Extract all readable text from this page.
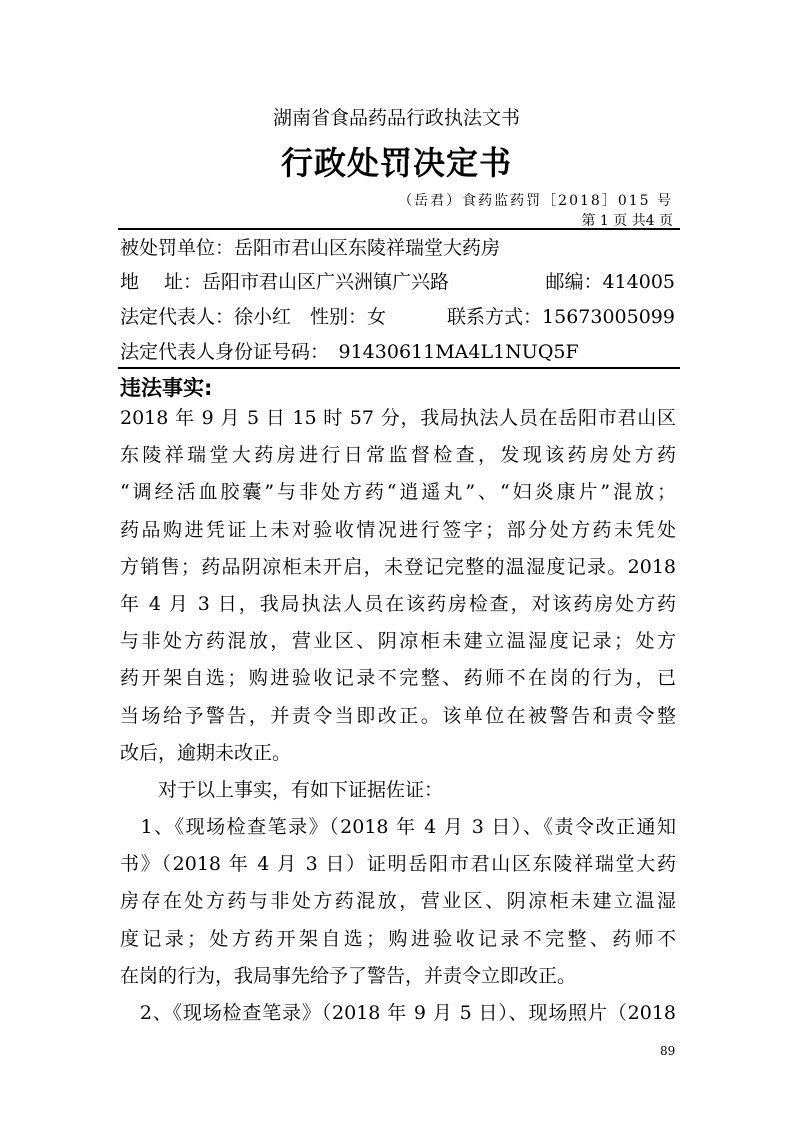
湖南省食品药品行政执法文书
行政处罚决定书
（岳君）食药监药罚［2018］015 号
第 1 页 共4 页
被处罚单位：岳阳市君山区东陵祥瑞堂大药房
地　 址：岳阳市君山区广兴洲镇广兴路	邮编：414005
法定代表人：徐小红　性别：女	联系方式：15673005099
法定代表人身份证号码：　91430611MA4L1NUQ5F
违法事实:
2018 年 9 月 5 日 15 时 57 分，我局执法人员在岳阳市君山区
东陵祥瑞堂大药房进行日常监督检查，发现该药房处方药
“调经活血胶囊”与非处方药“逍遥丸”、“妇炎康片”混放；
药品购进凭证上未对验收情况进行签字；部分处方药未凭处
方销售；药品阴凉柜未开启，未登记完整的温湿度记录。2018
年 4 月 3 日，我局执法人员在该药房检查，对该药房处方药
与非处方药混放，营业区、阴凉柜未建立温湿度记录；处方
药开架自选；购进验收记录不完整、药师不在岗的行为，已
当场给予警告，并责令当即改正。该单位在被警告和责令整
改后，逾期未改正。
　　对于以上事实，有如下证据佐证：
　1、《现场检查笔录》（2018 年 4 月 3 日）、《责令改正通知
书》（2018 年 4 月 3 日）证明岳阳市君山区东陵祥瑞堂大药
房存在处方药与非处方药混放，营业区、阴凉柜未建立温湿
度记录；处方药开架自选；购进验收记录不完整、药师不
在岗的行为，我局事先给予了警告，并责令立即改正。
　2、《现场检查笔录》（2018 年 9 月 5 日）、现场照片（2018
89
